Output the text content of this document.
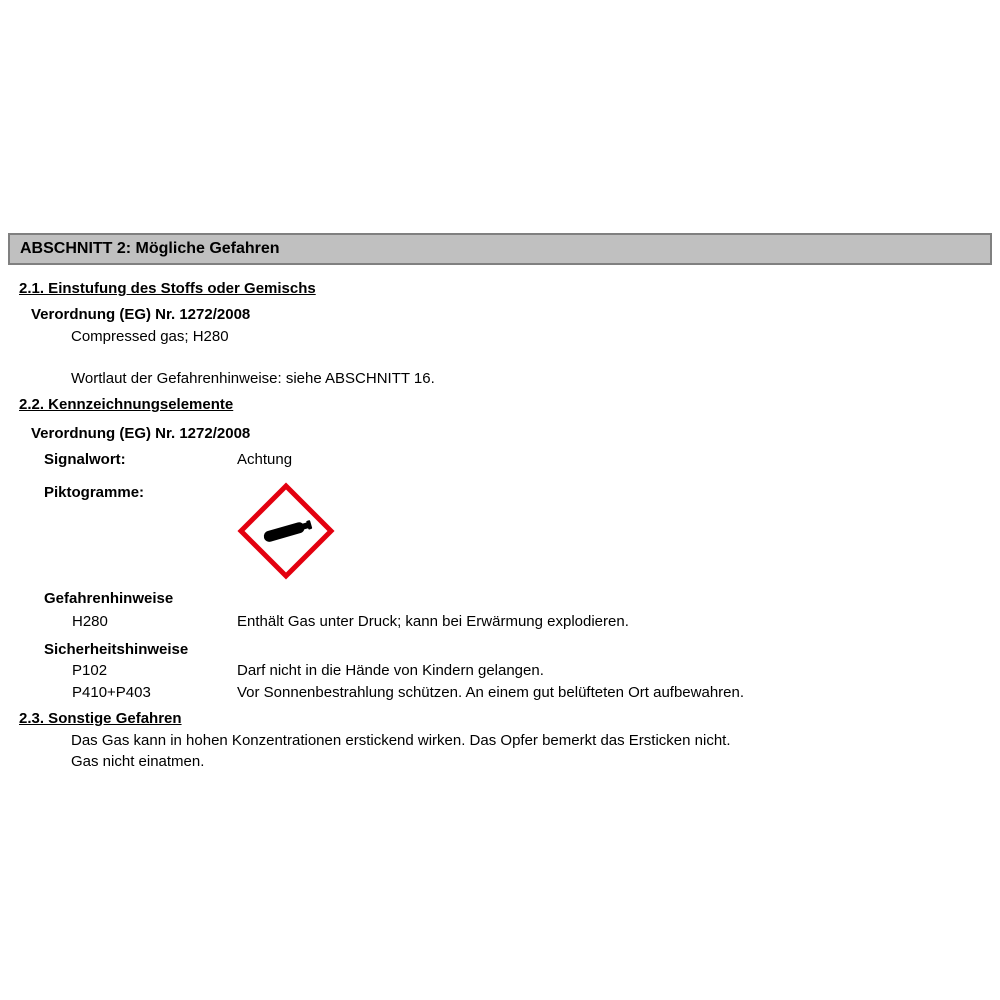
ABSCHNITT 2: Mögliche Gefahren
2.1. Einstufung des Stoffs oder Gemischs
Verordnung (EG) Nr. 1272/2008
Compressed gas; H280
Wortlaut der Gefahrenhinweise: siehe ABSCHNITT 16.
2.2. Kennzeichnungselemente
Verordnung (EG) Nr. 1272/2008
Signalwort:	Achtung
Piktogramme:
Gefahrenhinweise
H280	Enthält Gas unter Druck; kann bei Erwärmung explodieren.
Sicherheitshinweise
P102	Darf nicht in die Hände von Kindern gelangen.
P410+P403	Vor Sonnenbestrahlung schützen. An einem gut belüfteten Ort aufbewahren.
2.3. Sonstige Gefahren
Das Gas kann in hohen Konzentrationen erstickend wirken. Das Opfer bemerkt das Ersticken nicht.
Gas nicht einatmen.
